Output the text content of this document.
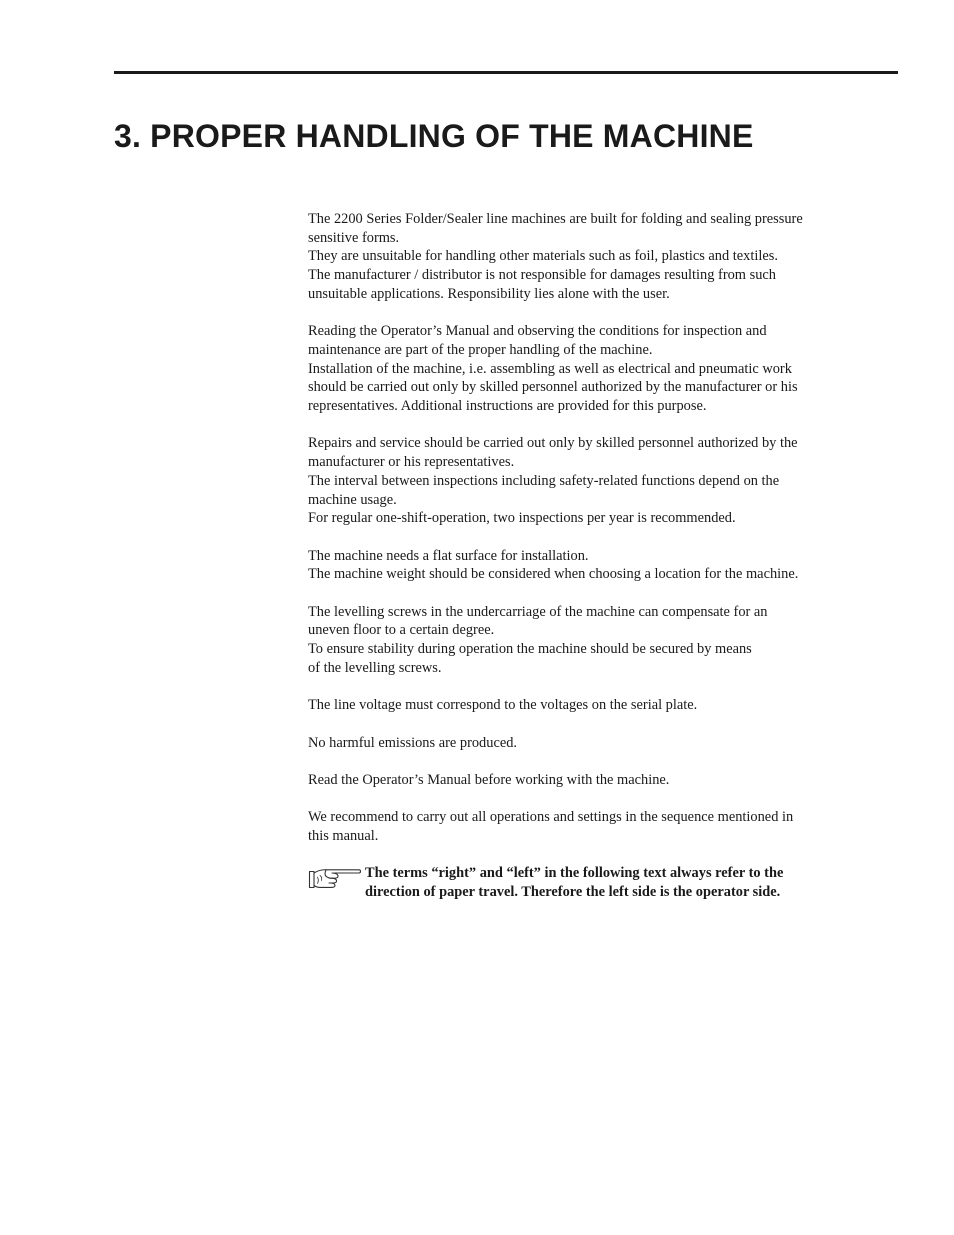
3. PROPER HANDLING OF THE MACHINE

The 2200 Series Folder/Sealer line machines are built for folding and sealing pressure
sensitive forms.
They are unsuitable for handling other materials such as foil, plastics and textiles.
The manufacturer / distributor is not responsible for damages resulting from such
unsuitable applications. Responsibility lies alone with the user.

Reading the Operator’s Manual and observing the conditions for inspection and
maintenance are part of the proper handling of the machine.
Installation of the machine, i.e. assembling as well as electrical and pneumatic work
should be carried out only by skilled personnel authorized by the manufacturer or his
representatives. Additional instructions are provided for this purpose.

Repairs and service should be carried out only by skilled personnel authorized by the
manufacturer or his representatives.
The interval between inspections including safety-related functions depend on the
machine usage.
For regular one-shift-operation, two inspections per year is recommended.

The machine needs a flat surface for installation.
The machine weight should be considered when choosing a location for the machine.

The levelling screws in the undercarriage of the machine can compensate for an
uneven floor to a certain degree.
To ensure stability during operation the machine should be secured by means
of the levelling screws.

The line voltage must correspond to the voltages on the serial plate.

No harmful emissions are produced.

Read the Operator’s Manual before working with the machine.

We recommend to carry out all operations and settings in the sequence mentioned in
this manual.

The terms “right” and “left” in the following text always refer to the
direction of paper travel. Therefore the left side is the operator side.
